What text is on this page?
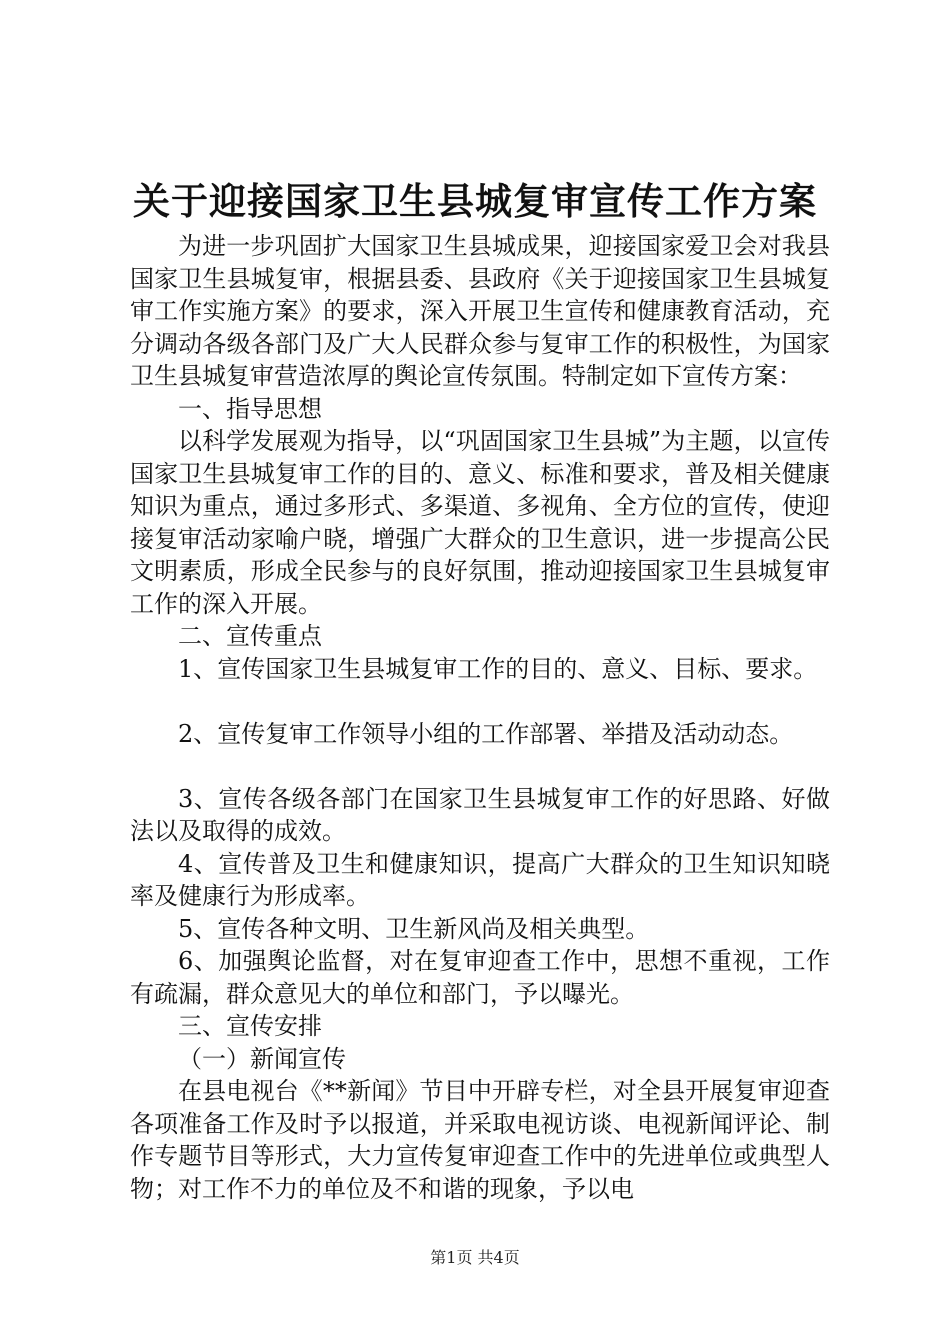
关于迎接国家卫生县城复审宣传工作方案

为进一步巩固扩大国家卫生县城成果，迎接国家爱卫会对我县国家卫生县城复审，根据县委、县政府《关于迎接国家卫生县城复审工作实施方案》的要求，深入开展卫生宣传和健康教育活动，充分调动各级各部门及广大人民群众参与复审工作的积极性，为国家卫生县城复审营造浓厚的舆论宣传氛围。特制定如下宣传方案：

一、指导思想

以科学发展观为指导，以“巩固国家卫生县城”为主题，以宣传国家卫生县城复审工作的目的、意义、标准和要求，普及相关健康知识为重点，通过多形式、多渠道、多视角、全方位的宣传，使迎接复审活动家喻户晓，增强广大群众的卫生意识，进一步提高公民文明素质，形成全民参与的良好氛围，推动迎接国家卫生县城复审工作的深入开展。

二、宣传重点

1、宣传国家卫生县城复审工作的目的、意义、目标、要求。

2、宣传复审工作领导小组的工作部署、举措及活动动态。

3、宣传各级各部门在国家卫生县城复审工作的好思路、好做法以及取得的成效。

4、宣传普及卫生和健康知识，提高广大群众的卫生知识知晓率及健康行为形成率。

5、宣传各种文明、卫生新风尚及相关典型。

6、加强舆论监督，对在复审迎查工作中，思想不重视，工作有疏漏，群众意见大的单位和部门，予以曝光。

三、宣传安排

（一）新闻宣传

在县电视台《**新闻》节目中开辟专栏，对全县开展复审迎查各项准备工作及时予以报道，并采取电视访谈、电视新闻评论、制作专题节目等形式，大力宣传复审迎查工作中的先进单位或典型人物；对工作不力的单位及不和谐的现象，予以电

第1页 共4页
